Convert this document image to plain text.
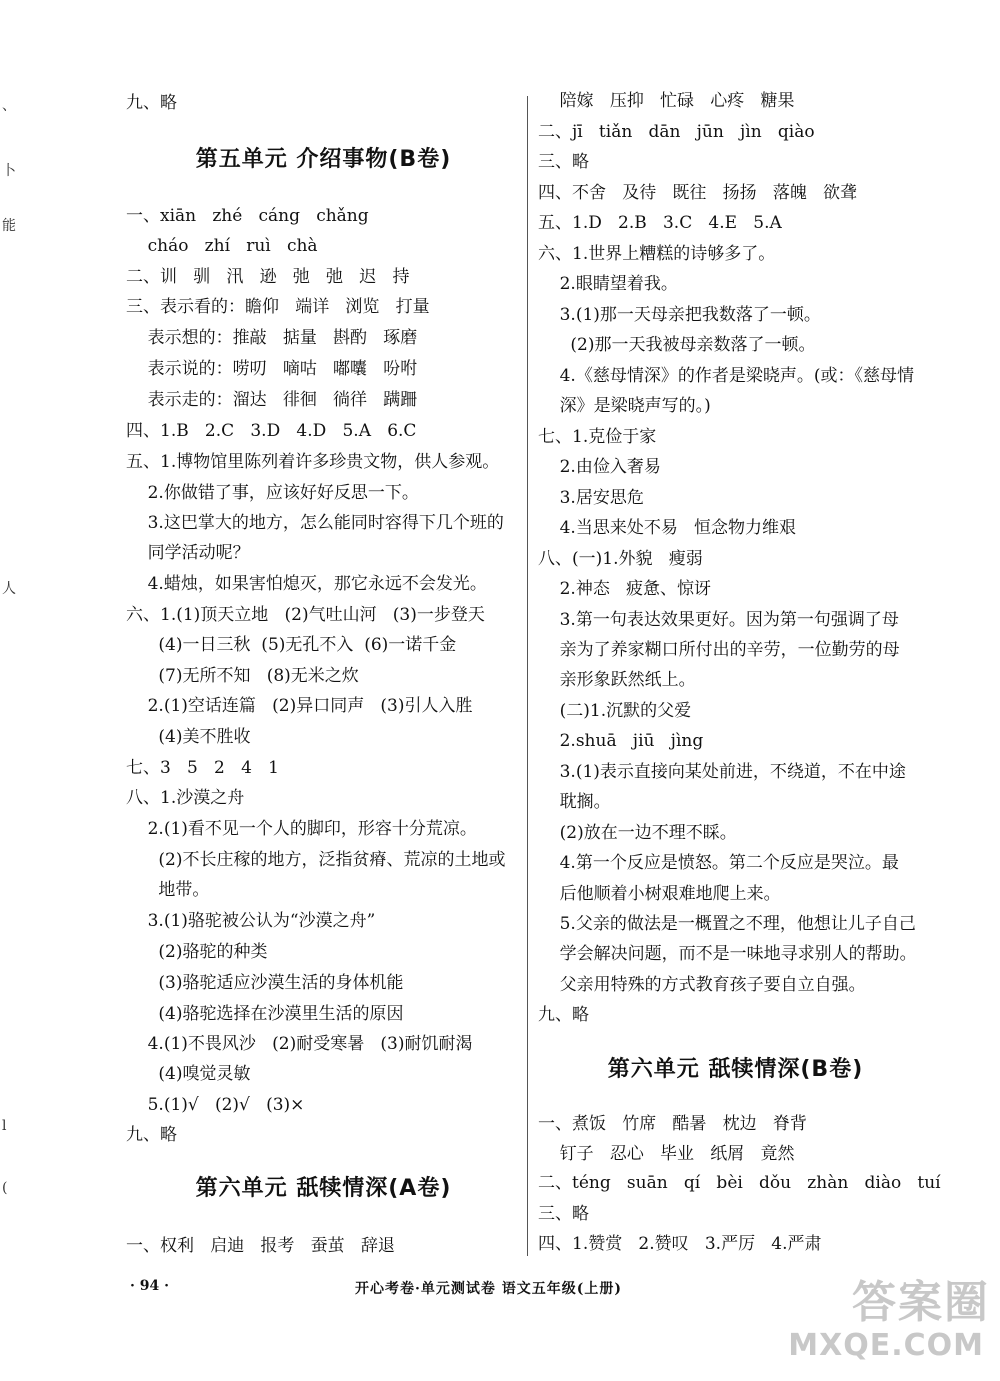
九、略
第五单元 介绍事物(B卷)
一、xiān   zhé   cáng   chǎng
cháo   zhí   ruì   chà
二、训   驯   汛   逊   弛   弛   迟   持
三、表示看的：瞻仰   端详   浏览   打量
表示想的：推敲   掂量   斟酌   琢磨
表示说的：唠叨   嘀咕   嘟囔   吩咐
表示走的：溜达   徘徊   徜徉   蹒跚
四、1.B   2.C   3.D   4.D   5.A   6.C
五、1.博物馆里陈列着许多珍贵文物，供人参观。
2.你做错了事，应该好好反思一下。
3.这巴掌大的地方，怎么能同时容得下几个班的
同学活动呢？
4.蜡烛，如果害怕熄灭，那它永远不会发光。
六、1.(1)顶天立地   (2)气吐山河   (3)一步登天
(4)一日三秋  (5)无孔不入  (6)一诺千金
(7)无所不知   (8)无米之炊
2.(1)空话连篇   (2)异口同声   (3)引人入胜
(4)美不胜收
七、3   5   2   4   1
八、1.沙漠之舟
2.(1)看不见一个人的脚印，形容十分荒凉。
(2)不长庄稼的地方，泛指贫瘠、荒凉的土地或
地带。
3.(1)骆驼被公认为“沙漠之舟”
(2)骆驼的种类
(3)骆驼适应沙漠生活的身体机能
(4)骆驼选择在沙漠里生活的原因
4.(1)不畏风沙   (2)耐受寒暑   (3)耐饥耐渴
(4)嗅觉灵敏
5.(1)√   (2)√   (3)×
九、略
第六单元 舐犊情深(A卷)
一、权利   启迪   报考   蚕茧   辞退
陪嫁   压抑   忙碌   心疼   糖果
二、jī   tiǎn   dān   jūn   jìn   qiào
三、略
四、不舍   及待   既往   扬扬   落魄   欲聋
五、1.D   2.B   3.C   4.E   5.A
六、1.世界上糟糕的诗够多了。
2.眼睛望着我。
3.(1)那一天母亲把我数落了一顿。
(2)那一天我被母亲数落了一顿。
4.《慈母情深》的作者是梁晓声。(或：《慈母情
深》是梁晓声写的。)
七、1.克俭于家
2.由俭入奢易
3.居安思危
4.当思来处不易   恒念物力维艰
八、(一)1.外貌   瘦弱
2.神态   疲惫、惊讶
3.第一句表达效果更好。因为第一句强调了母
亲为了养家糊口所付出的辛劳，一位勤劳的母
亲形象跃然纸上。
(二)1.沉默的父爱
2.shuā   jiū   jìng
3.(1)表示直接向某处前进，不绕道，不在中途
耽搁。
(2)放在一边不理不睬。
4.第一个反应是愤怒。第二个反应是哭泣。最
后他顺着小树艰难地爬上来。
5.父亲的做法是一概置之不理，他想让儿子自己
学会解决问题，而不是一味地寻求别人的帮助。
父亲用特殊的方式教育孩子要自立自强。
九、略
第六单元 舐犊情深(B卷)
一、煮饭   竹席   酷暑   枕边   脊背
钉子   忍心   毕业   纸屑   竟然
二、téng   suān   qí   bèi   dǒu   zhàn   diào   tuí
三、略
四、1.赞赏   2.赞叹   3.严厉   4.严肃
、
卜
能
人
l
(
· 94 ·	开心考卷·单元测试卷 语文五年级(上册)	答案圈
MXQE.COM
